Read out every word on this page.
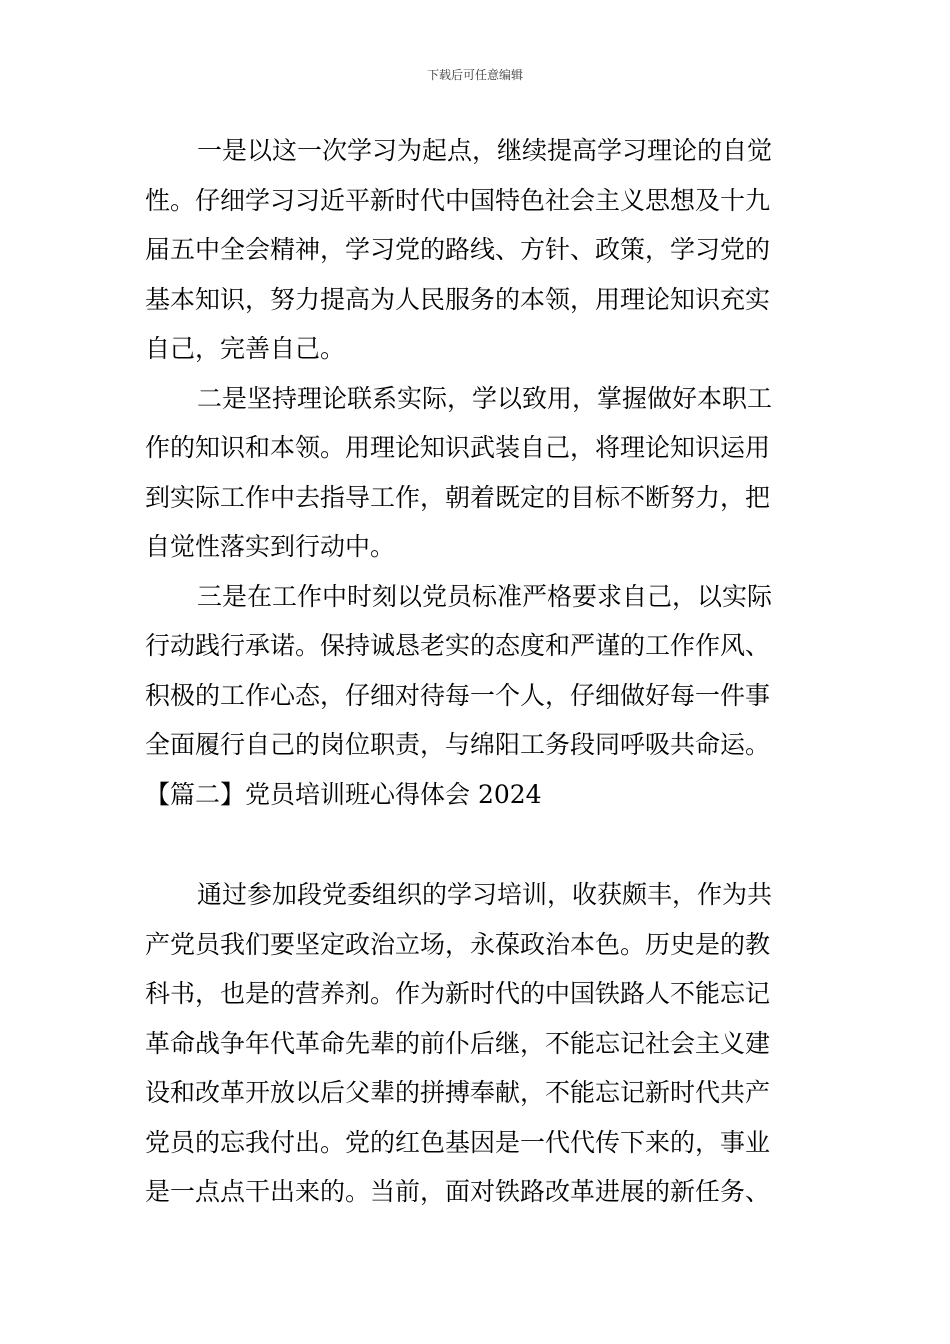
下载后可任意编辑
一是以这一次学习为起点，继续提高学习理论的自觉
性。仔细学习习近平新时代中国特色社会主义思想及十九
届五中全会精神，学习党的路线、方针、政策，学习党的
基本知识，努力提高为人民服务的本领，用理论知识充实
自己，完善自己。
二是坚持理论联系实际，学以致用，掌握做好本职工
作的知识和本领。用理论知识武装自己，将理论知识运用
到实际工作中去指导工作，朝着既定的目标不断努力，把
自觉性落实到行动中。
三是在工作中时刻以党员标准严格要求自己，以实际
行动践行承诺。保持诚恳老实的态度和严谨的工作作风、
积极的工作心态，仔细对待每一个人，仔细做好每一件事
全面履行自己的岗位职责，与绵阳工务段同呼吸共命运。
【篇二】党员培训班心得体会 2024
通过参加段党委组织的学习培训，收获颇丰，作为共
产党员我们要坚定政治立场，永葆政治本色。历史是的教
科书，也是的营养剂。作为新时代的中国铁路人不能忘记
革命战争年代革命先辈的前仆后继，不能忘记社会主义建
设和改革开放以后父辈的拼搏奉献，不能忘记新时代共产
党员的忘我付出。党的红色基因是一代代传下来的，事业
是一点点干出来的。当前，面对铁路改革进展的新任务、
